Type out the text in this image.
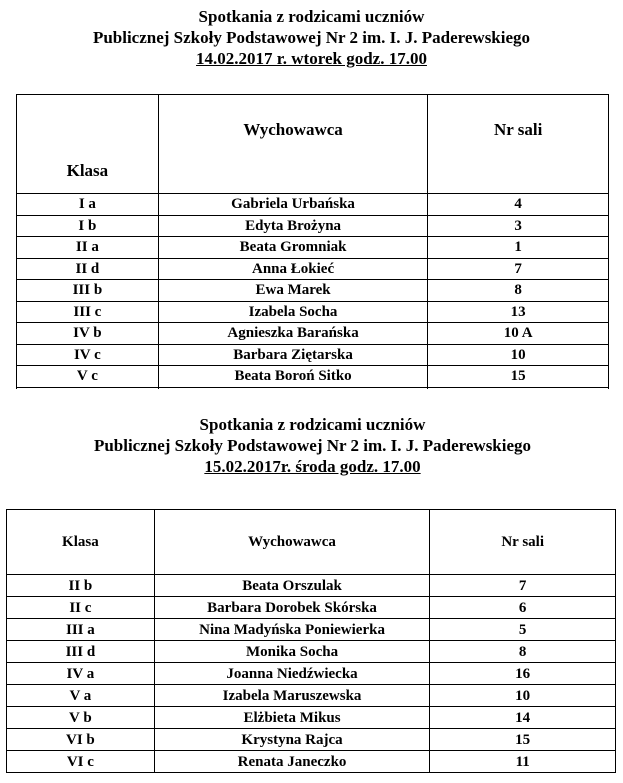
Spotkania z rodzicami uczniów
Publicznej Szkoły Podstawowej Nr 2 im. I. J. Paderewskiego
14.02.2017 r. wtorek godz. 17.00
Klasa	Wychowawca	Nr sali
I a	Gabriela Urbańska	4
I b	Edyta Brożyna	3
II a	Beata Gromniak	1
II d	Anna Łokieć	7
III b	Ewa Marek	8
III c	Izabela Socha	13
IV b	Agnieszka Barańska	10 A
IV c	Barbara Ziętarska	10
V c	Beata Boroń Sitko	15

Spotkania z rodzicami uczniów
Publicznej Szkoły Podstawowej Nr 2 im. I. J. Paderewskiego
15.02.2017r. środa godz. 17.00
Klasa	Wychowawca	Nr sali
II b	Beata Orszulak	7
II c	Barbara Dorobek Skórska	6
III a	Nina Madyńska Poniewierka	5
III d	Monika Socha	8
IV a	Joanna Niedźwiecka	16
V a	Izabela Maruszewska	10
V b	Elżbieta Mikus	14
VI b	Krystyna Rajca	15
VI c	Renata Janeczko	11
